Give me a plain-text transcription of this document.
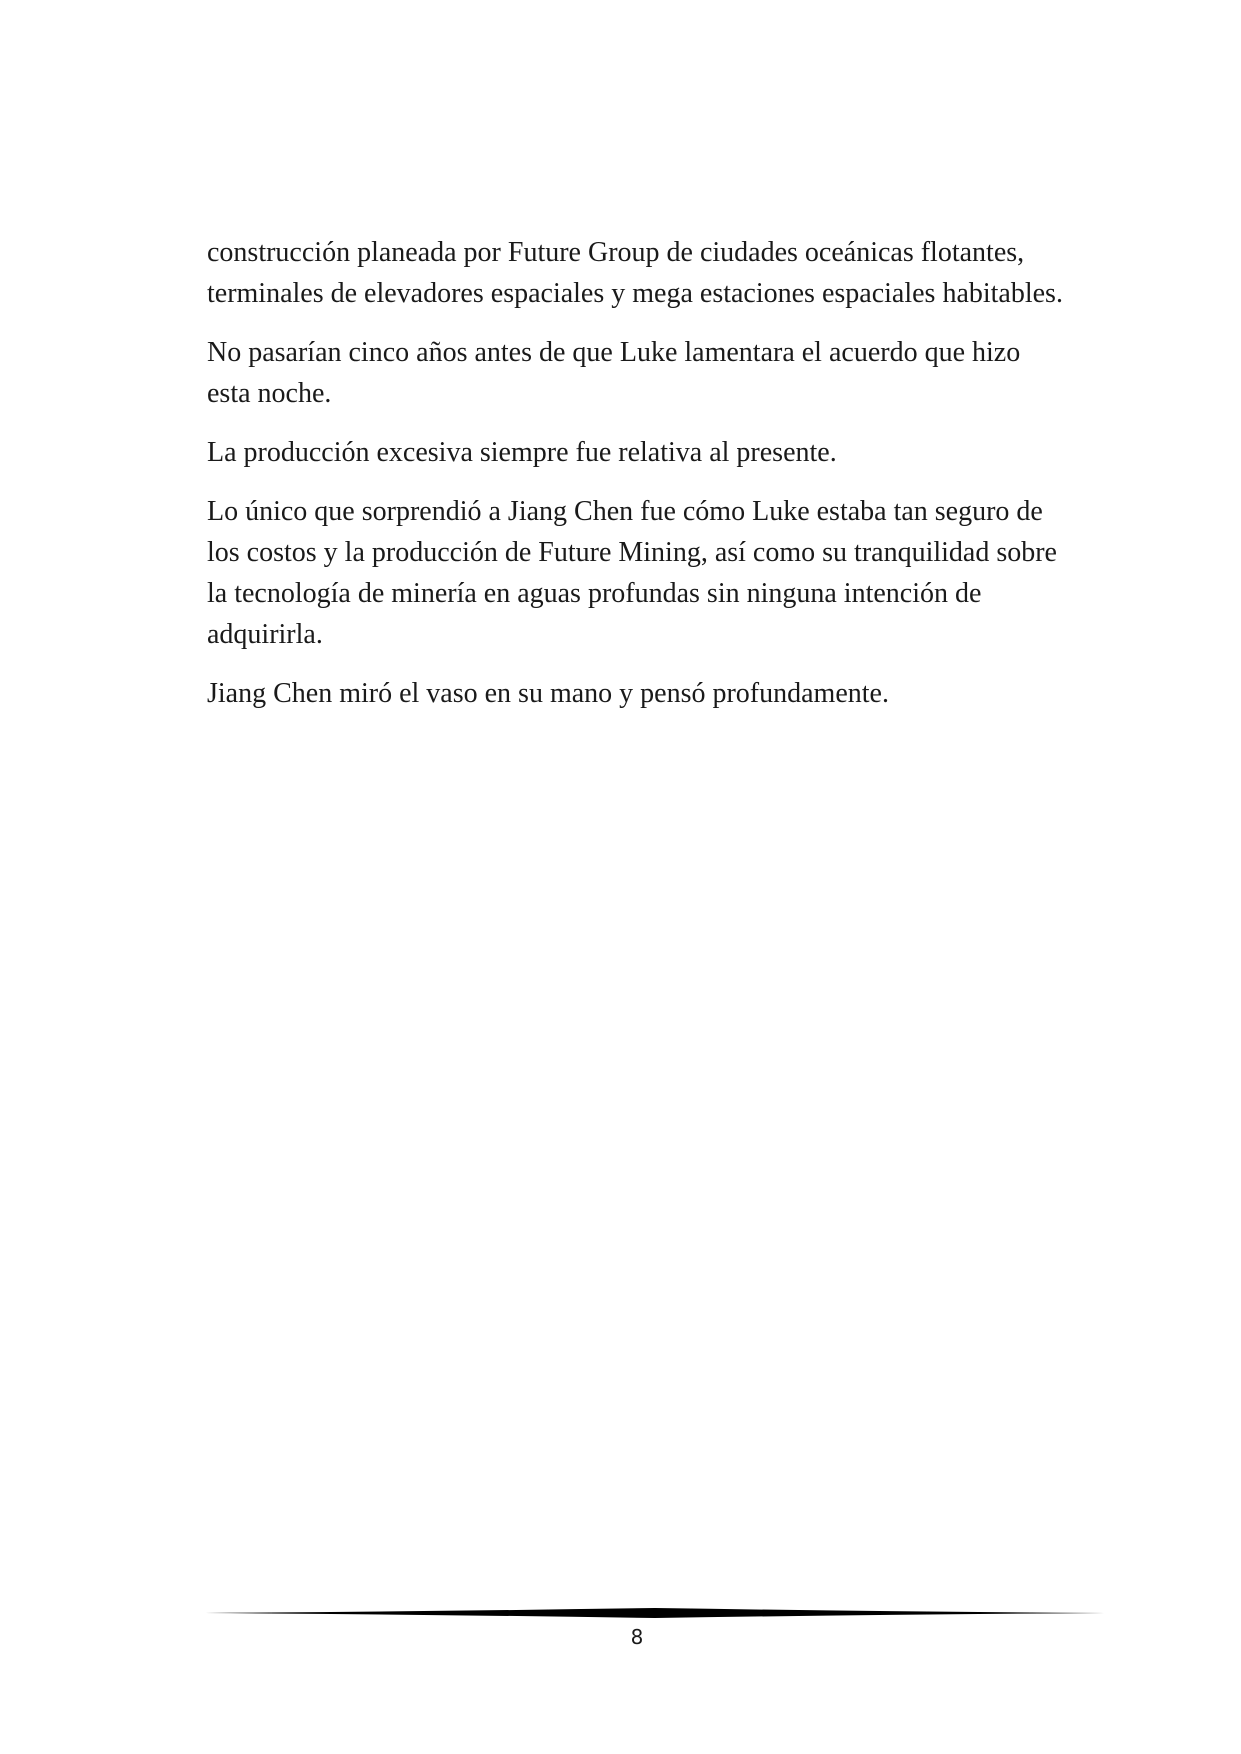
construcción planeada por Future Group de ciudades oceánicas flotantes, terminales de elevadores espaciales y mega estaciones espaciales habitables.

No pasarían cinco años antes de que Luke lamentara el acuerdo que hizo esta noche.

La producción excesiva siempre fue relativa al presente.

Lo único que sorprendió a Jiang Chen fue cómo Luke estaba tan seguro de los costos y la producción de Future Mining, así como su tranquilidad sobre la tecnología de minería en aguas profundas sin ninguna intención de adquirirla.

Jiang Chen miró el vaso en su mano y pensó profundamente.

8
